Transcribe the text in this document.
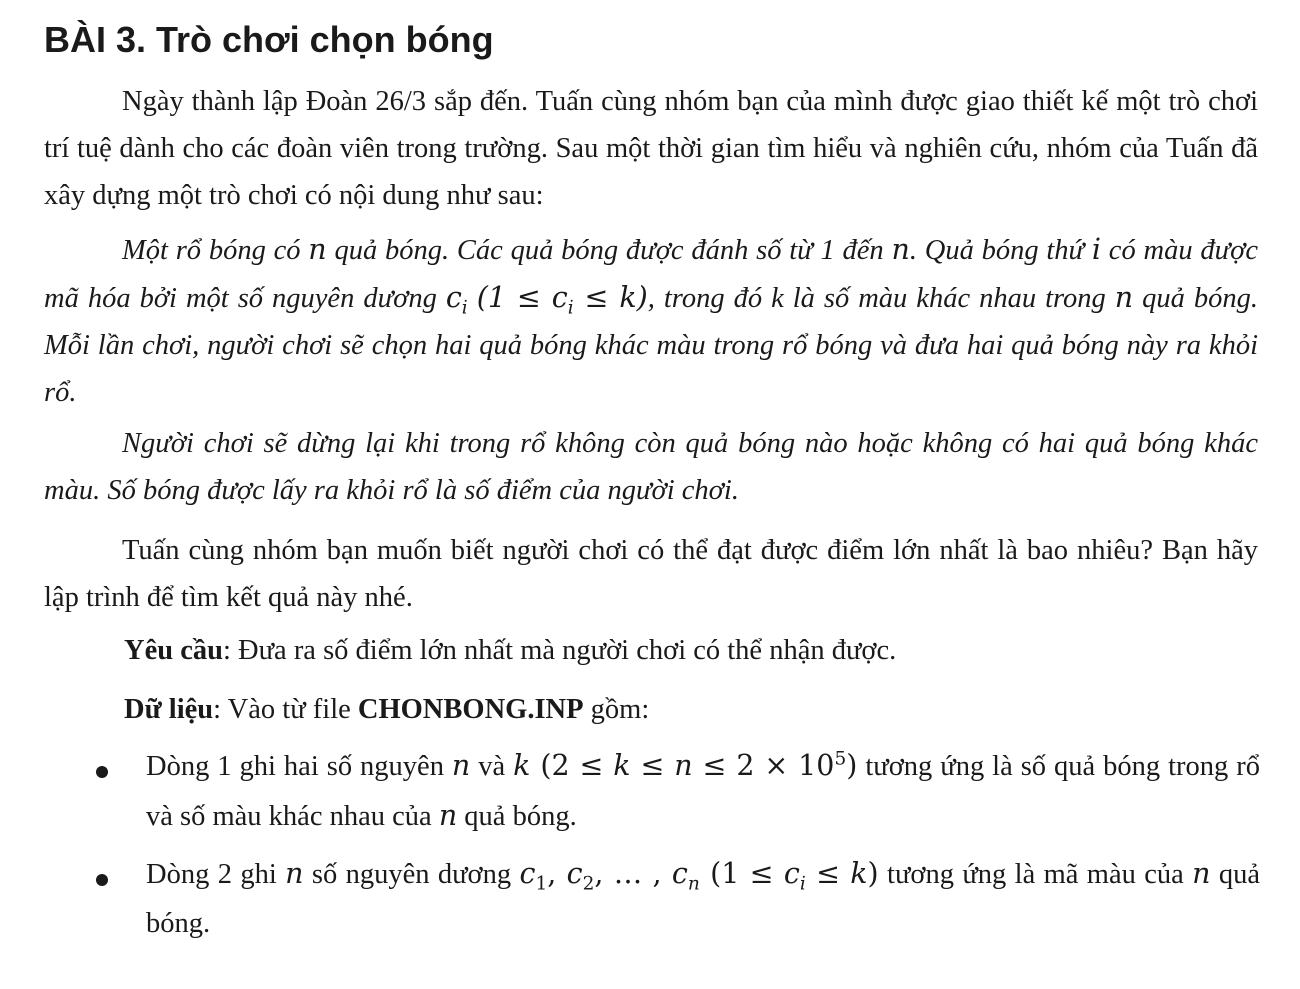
BÀI 3. Trò chơi chọn bóng

Ngày thành lập Đoàn 26/3 sắp đến. Tuấn cùng nhóm bạn của mình được giao thiết kế một trò chơi trí tuệ dành cho các đoàn viên trong trường. Sau một thời gian tìm hiểu và nghiên cứu, nhóm của Tuấn đã xây dựng một trò chơi có nội dung như sau:

Một rổ bóng có n quả bóng. Các quả bóng được đánh số từ 1 đến n. Quả bóng thứ i có màu được mã hóa bởi một số nguyên dương $c_i$ $(1 \le c_i \le k)$, trong đó k là số màu khác nhau trong n quả bóng. Mỗi lần chơi, người chơi sẽ chọn hai quả bóng khác màu trong rổ bóng và đưa hai quả bóng này ra khỏi rổ.

Người chơi sẽ dừng lại khi trong rổ không còn quả bóng nào hoặc không có hai quả bóng khác màu. Số bóng được lấy ra khỏi rổ là số điểm của người chơi.

Tuấn cùng nhóm bạn muốn biết người chơi có thể đạt được điểm lớn nhất là bao nhiêu? Bạn hãy lập trình để tìm kết quả này nhé.

Yêu cầu: Đưa ra số điểm lớn nhất mà người chơi có thể nhận được.

Dữ liệu: Vào từ file CHONBONG.INP gồm:

Dòng 1 ghi hai số nguyên n và k $(2 \le k \le n \le 2 \times 10^5)$ tương ứng là số quả bóng trong rổ và số màu khác nhau của n quả bóng.

Dòng 2 ghi n số nguyên dương $c_1$, $c_2$, … , $c_n$ $(1 \le c_i \le k)$ tương ứng là mã màu của n quả bóng.
